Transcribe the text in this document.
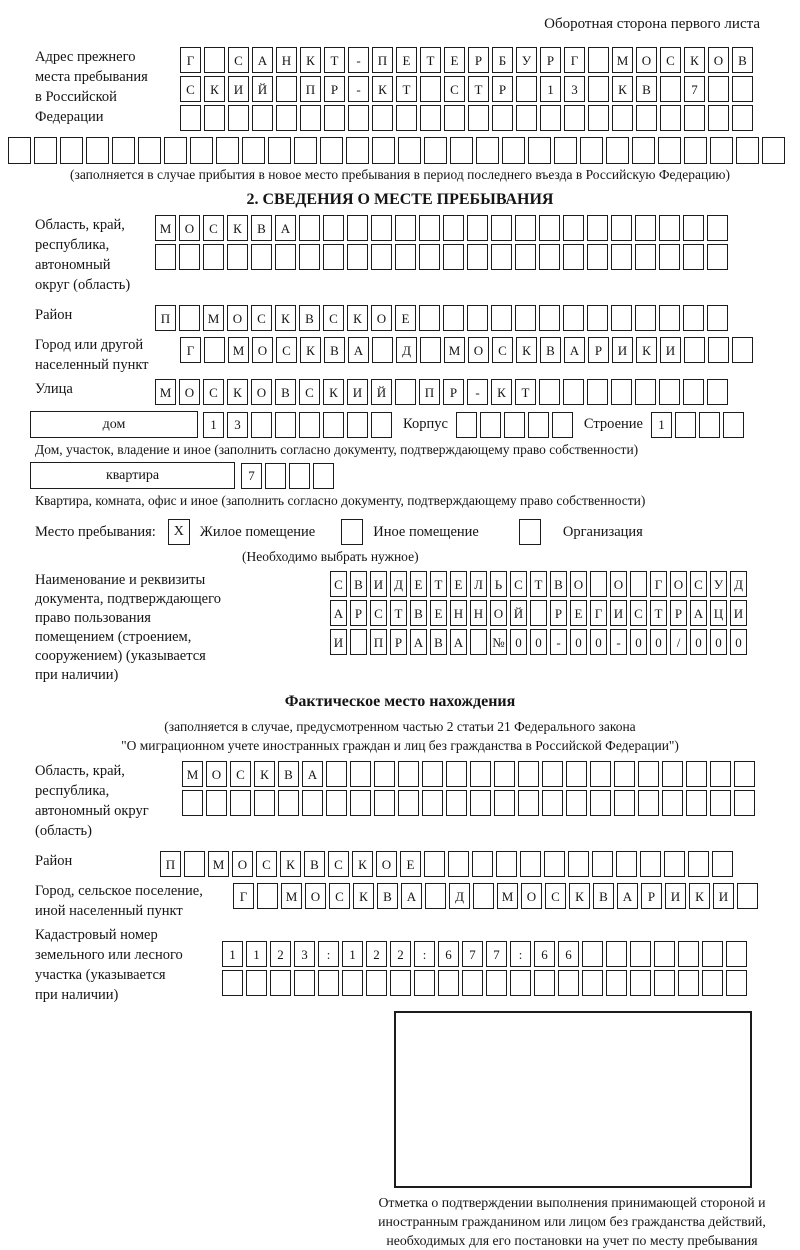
Оборотная сторона первого листа
Адрес прежнего
места пребывания
в Российской
Федерации
Г	С	А	Н	К	Т	-	П	Е	Т	Е	Р	Б	У	Р	Г	М	О	С	К	О	В
С	К	И	Й	П	Р	-	К	Т	С	Т	Р	1	3	К	В	7
(заполняется в случае прибытия в новое место пребывания в период последнего въезда в Российскую Федерацию)
2. СВЕДЕНИЯ О МЕСТЕ ПРЕБЫВАНИЯ
Область, край,
республика,
автономный
округ (область)
М	О	С	К	В	А
Район	П	М	О	С	К	В	С	К	О	Е
Город или другой
населенный пункт
Г	М	О	С	К	В	А	Д	М	О	С	К	В	А	Р	И	К	И
Улица	М	О	С	К	О	В	С	К	И	Й	П	Р	-	К	Т
дом	1	3	Корпус	Строение	1
Дом, участок, владение и иное (заполнить согласно документу, подтверждающему право собственности)
квартира	7
Квартира, комната, офис и иное (заполнить согласно документу, подтверждающему право собственности)
Место пребывания:	X	Жилое помещение	Иное помещение	Организация
(Необходимо выбрать нужное)
Наименование и реквизиты
документа, подтверждающего
право пользования
помещением (строением,
сооружением) (указывается
при наличии)
С В И Д Е Т Е Л Ь С Т В О О	Г О С У Д
А Р С Т В Е Н Н О Й	Р Е Г И С Т Р А Ц И
И П Р А В А № 0	0	-	0	0	-	0	0	/	0	0	0
Фактическое место нахождения
(заполняется в случае, предусмотренном частью 2 статьи 21 Федерального закона
"О миграционном учете иностранных граждан и лиц без гражданства в Российской Федерации")
Область, край,
республика,
автономный округ
(область)
М	О	С	К	В	А
Район	П	М	О	С	К	В	С	К	О	Е
Город, сельское поселение,
иной населенный пункт
Г	М	О	С	К	В	А	Д	М	О	С	К	В	А	Р	И	К	И
Кадастровый номер
земельного или лесного
участка (указывается
при наличии)
1	1	2	3	:	1	2	2	:	6	7	7	:	6	6
Отметка о подтверждении выполнения принимающей стороной и иностранным гражданином или лицом без гражданства действий, необходимых для его постановки на учет по месту пребывания
